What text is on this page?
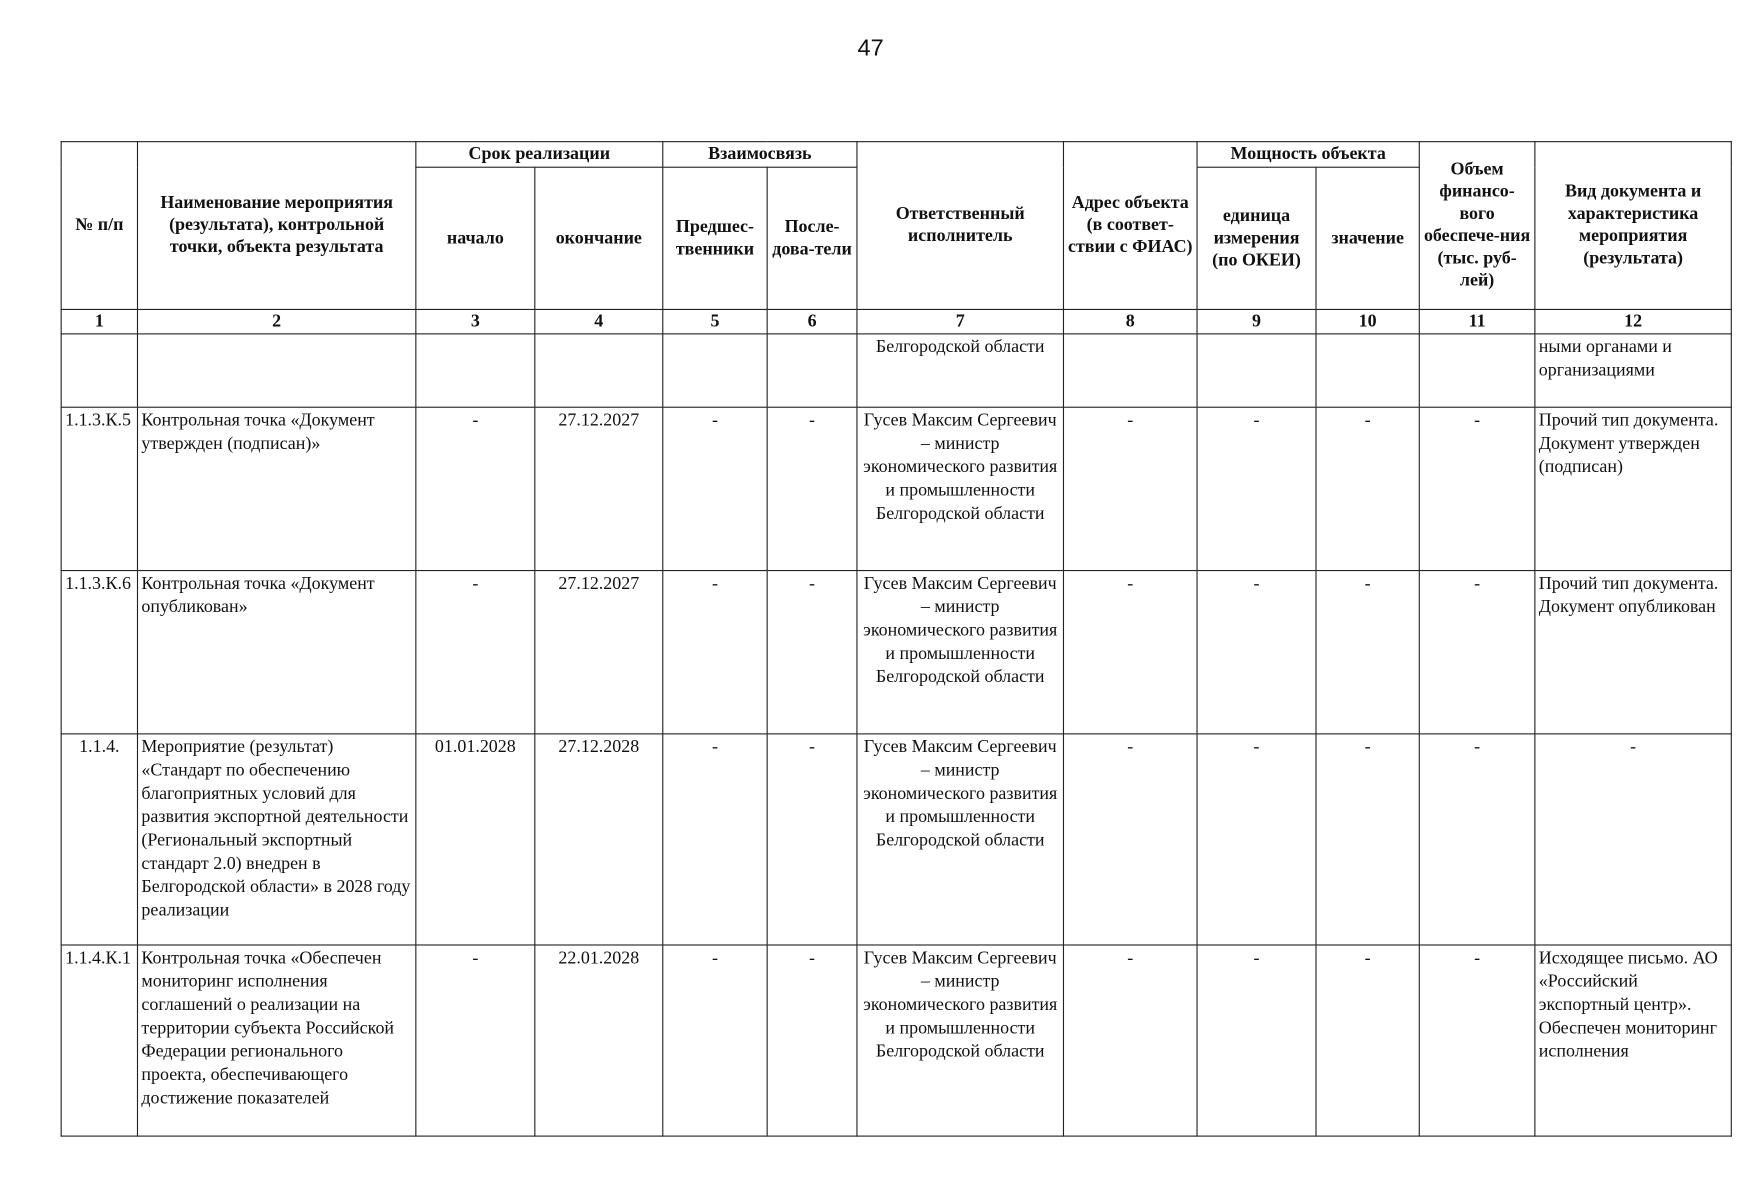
47
№ п/п	Наименование мероприятия (результата), контрольной точки, объекта результата	Срок реализации		Взаимосвязь		Ответственный исполнитель	Адрес объекта (в соответ-ствии с ФИАС)	Мощность объекта		Объем финансо-вого обеспече-ния (тыс. руб-лей)	Вид документа и характеристика мероприятия (результата)
		начало	окончание	Предшес-твенники	После-дова-тели			единица измерения (по ОКЕИ)	значение		
1	2	3	4	5	6	7	8	9	10	11	12
						Белгородской области					ными органами и организациями
1.1.3.К.5	Контрольная точка «Документ утвержден (подписан)»	-	27.12.2027	-	-	Гусев Максим Сергеевич – министр экономического развития и промышленности Белгородской области	-	-	-	-	Прочий тип документа. Документ утвержден (подписан)
1.1.3.К.6	Контрольная точка «Документ опубликован»	-	27.12.2027	-	-	Гусев Максим Сергеевич – министр экономического развития и промышленности Белгородской области	-	-	-	-	Прочий тип документа. Документ опубликован
1.1.4.	Мероприятие (результат) «Стандарт по обеспечению благоприятных условий для развития экспортной деятельности (Региональный экспортный стандарт 2.0) внедрен в Белгородской области» в 2028 году реализации	01.01.2028	27.12.2028	-	-	Гусев Максим Сергеевич – министр экономического развития и промышленности Белгородской области	-	-	-	-	-
1.1.4.К.1	Контрольная точка «Обеспечен мониторинг исполнения соглашений о реализации на территории субъекта Российской Федерации регионального проекта, обеспечивающего достижение показателей	-	22.01.2028	-	-	Гусев Максим Сергеевич – министр экономического развития и промышленности Белгородской области	-	-	-	-	Исходящее письмо. АО «Российский экспортный центр». Обеспечен мониторинг исполнения
